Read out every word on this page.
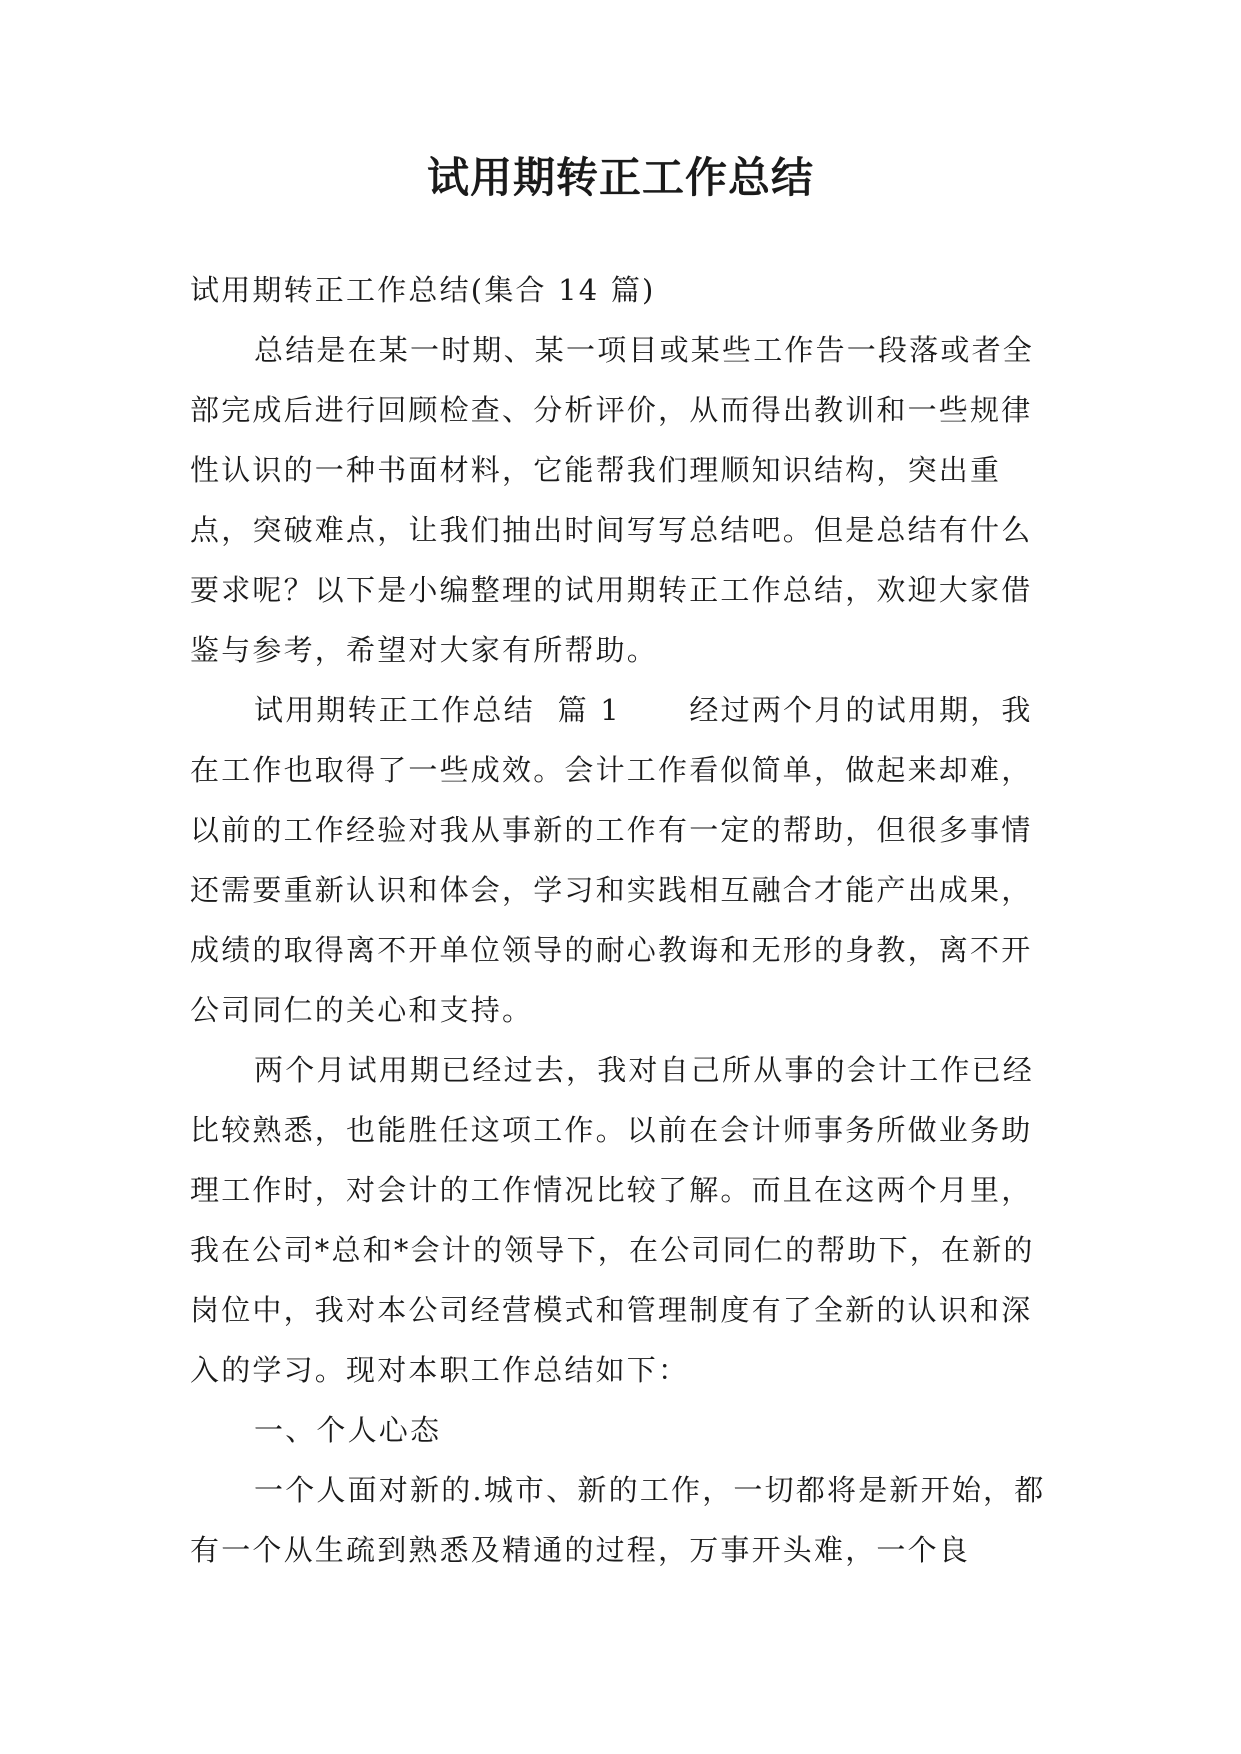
试用期转正工作总结

试用期转正工作总结(集合 14 篇)

总结是在某一时期、某一项目或某些工作告一段落或者全部完成后进行回顾检查、分析评价，从而得出教训和一些规律性认识的一种书面材料，它能帮我们理顺知识结构，突出重点，突破难点，让我们抽出时间写写总结吧。但是总结有什么要求呢？以下是小编整理的试用期转正工作总结，欢迎大家借鉴与参考，希望对大家有所帮助。

试用期转正工作总结  篇 1      经过两个月的试用期，我在工作也取得了一些成效。会计工作看似简单，做起来却难，以前的工作经验对我从事新的工作有一定的帮助，但很多事情还需要重新认识和体会，学习和实践相互融合才能产出成果，成绩的取得离不开单位领导的耐心教诲和无形的身教，离不开公司同仁的关心和支持。

两个月试用期已经过去，我对自己所从事的会计工作已经比较熟悉，也能胜任这项工作。以前在会计师事务所做业务助理工作时，对会计的工作情况比较了解。而且在这两个月里，我在公司*总和*会计的领导下，在公司同仁的帮助下，在新的岗位中，我对本公司经营模式和管理制度有了全新的认识和深入的学习。现对本职工作总结如下：

一、个人心态

一个人面对新的.城市、新的工作，一切都将是新开始，都有一个从生疏到熟悉及精通的过程，万事开头难，一个良
